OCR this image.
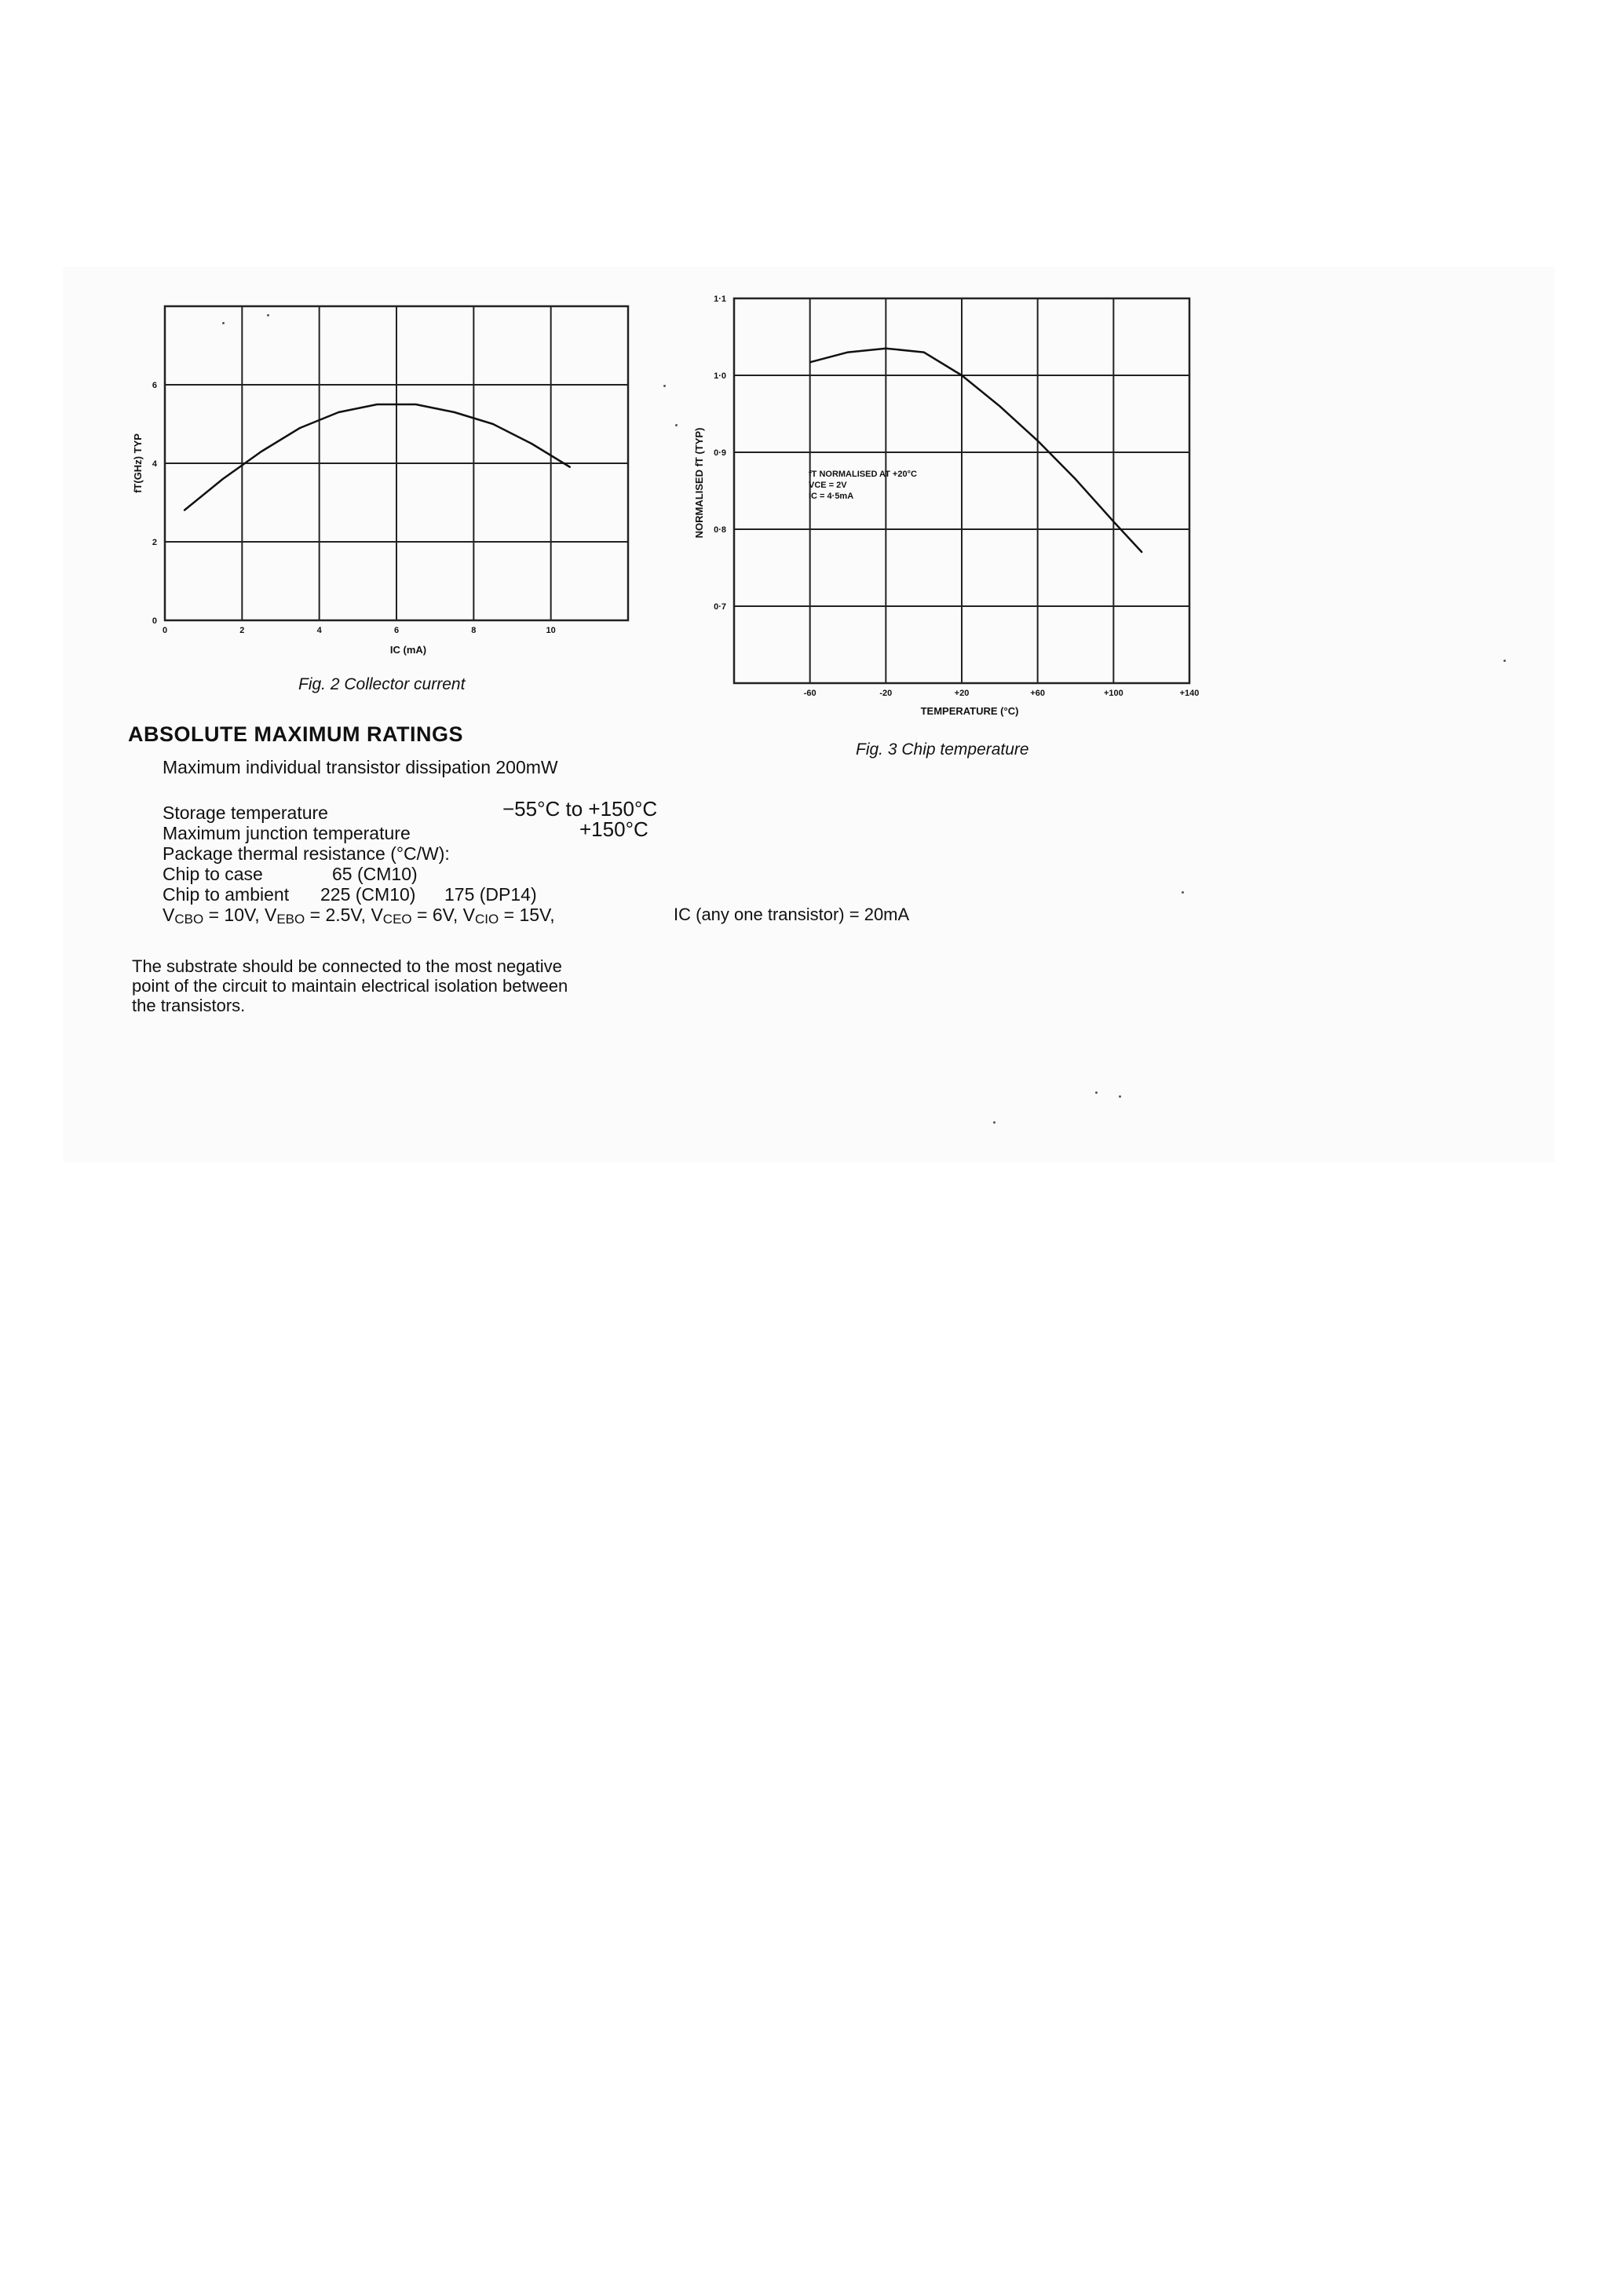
0	2	4	6	8	10
0
2
4
6
IC (mA)
fT(GHz) TYP
-60	-20	+20	+60	+100	+140
0·7
0·8
0·9
1·0
1·1
TEMPERATURE (°C)
NORMALISED fT (TYP)	fT NORMALISED AT +20°C
VCE = 2V
IC = 4·5mA
Fig. 2 Collector current
Fig. 3 Chip temperature
ABSOLUTE MAXIMUM RATINGS
Maximum individual transistor dissipation 200mW
Storage temperature	−55°C to +150°C
Maximum junction temperature	+150°C
Package thermal resistance (°C/W):
Chip to case	65 (CM10)
Chip to ambient 225 (CM10) 175 (DP14)
$V_{CBO} = 10V$, $V_{EBO} = 2.5V$, $V_{CEO} = 6V$, $V_{CIO} = 15V$,	IC (any one transistor) = 20mA
The substrate should be connected to the most negative
point of the circuit to maintain electrical isolation between
the transistors.
